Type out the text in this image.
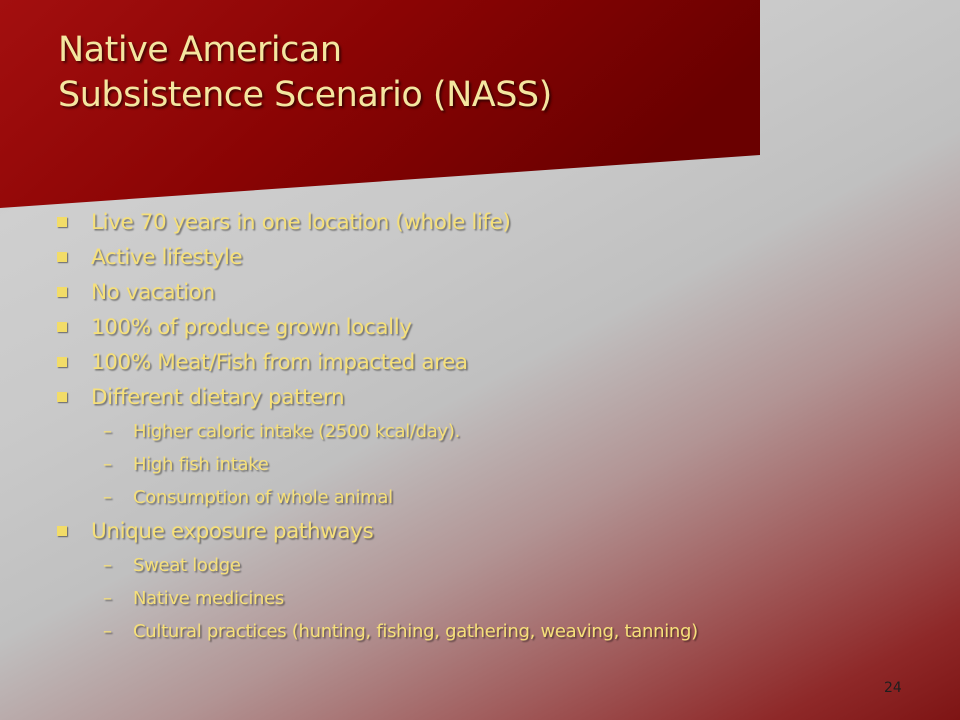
Native American
Subsistence Scenario (NASS)
Live 70 years in one location (whole life)
Active lifestyle
No vacation
100% of produce grown locally
100% Meat/Fish from impacted area
Different dietary pattern
– Higher caloric intake (2500 kcal/day).
– High fish intake
– Consumption of whole animal
Unique exposure pathways
– Sweat lodge
– Native medicines
– Cultural practices (hunting, fishing, gathering, weaving, tanning)
24
